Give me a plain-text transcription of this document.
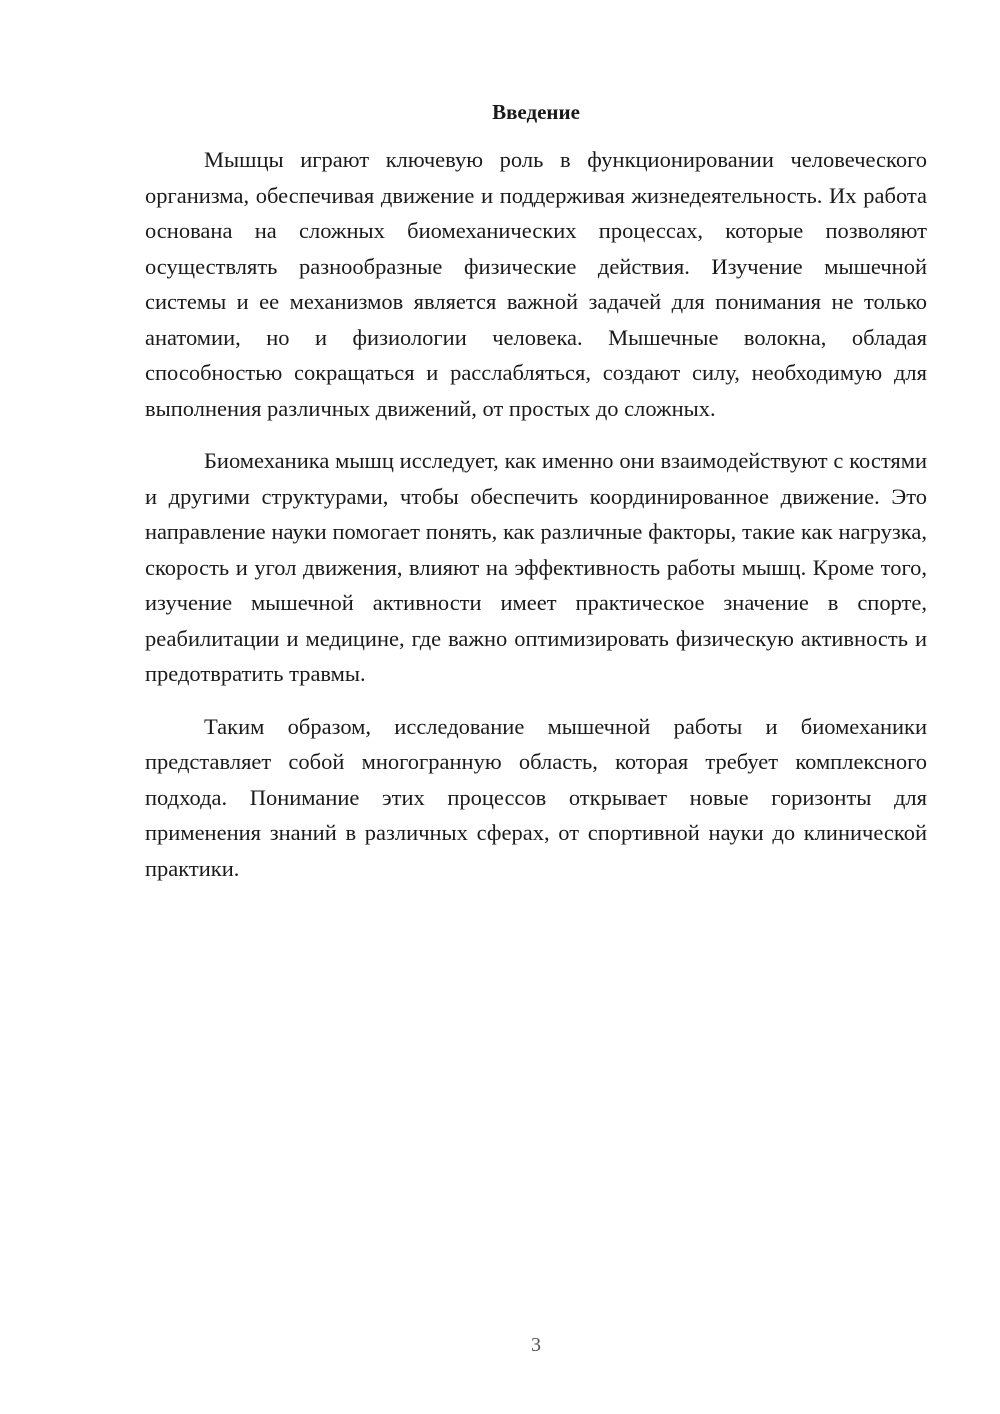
Введение

Мышцы играют ключевую роль в функционировании человеческого организма, обеспечивая движение и поддерживая жизнедеятельность. Их работа основана на сложных биомеханических процессах, которые позволяют осуществлять разнообразные физические действия. Изучение мышечной системы и ее механизмов является важной задачей для понимания не только анатомии, но и физиологии человека. Мышечные волокна, обладая способностью сокращаться и расслабляться, создают силу, необходимую для выполнения различных движений, от простых до сложных.

Биомеханика мышц исследует, как именно они взаимодействуют с костями и другими структурами, чтобы обеспечить координированное движение. Это направление науки помогает понять, как различные факторы, такие как нагрузка, скорость и угол движения, влияют на эффективность работы мышц. Кроме того, изучение мышечной активности имеет практическое значение в спорте, реабилитации и медицине, где важно оптимизировать физическую активность и предотвратить травмы.

Таким образом, исследование мышечной работы и биомеханики представляет собой многогранную область, которая требует комплексного подхода. Понимание этих процессов открывает новые горизонты для применения знаний в различных сферах, от спортивной науки до клинической практики.

3
